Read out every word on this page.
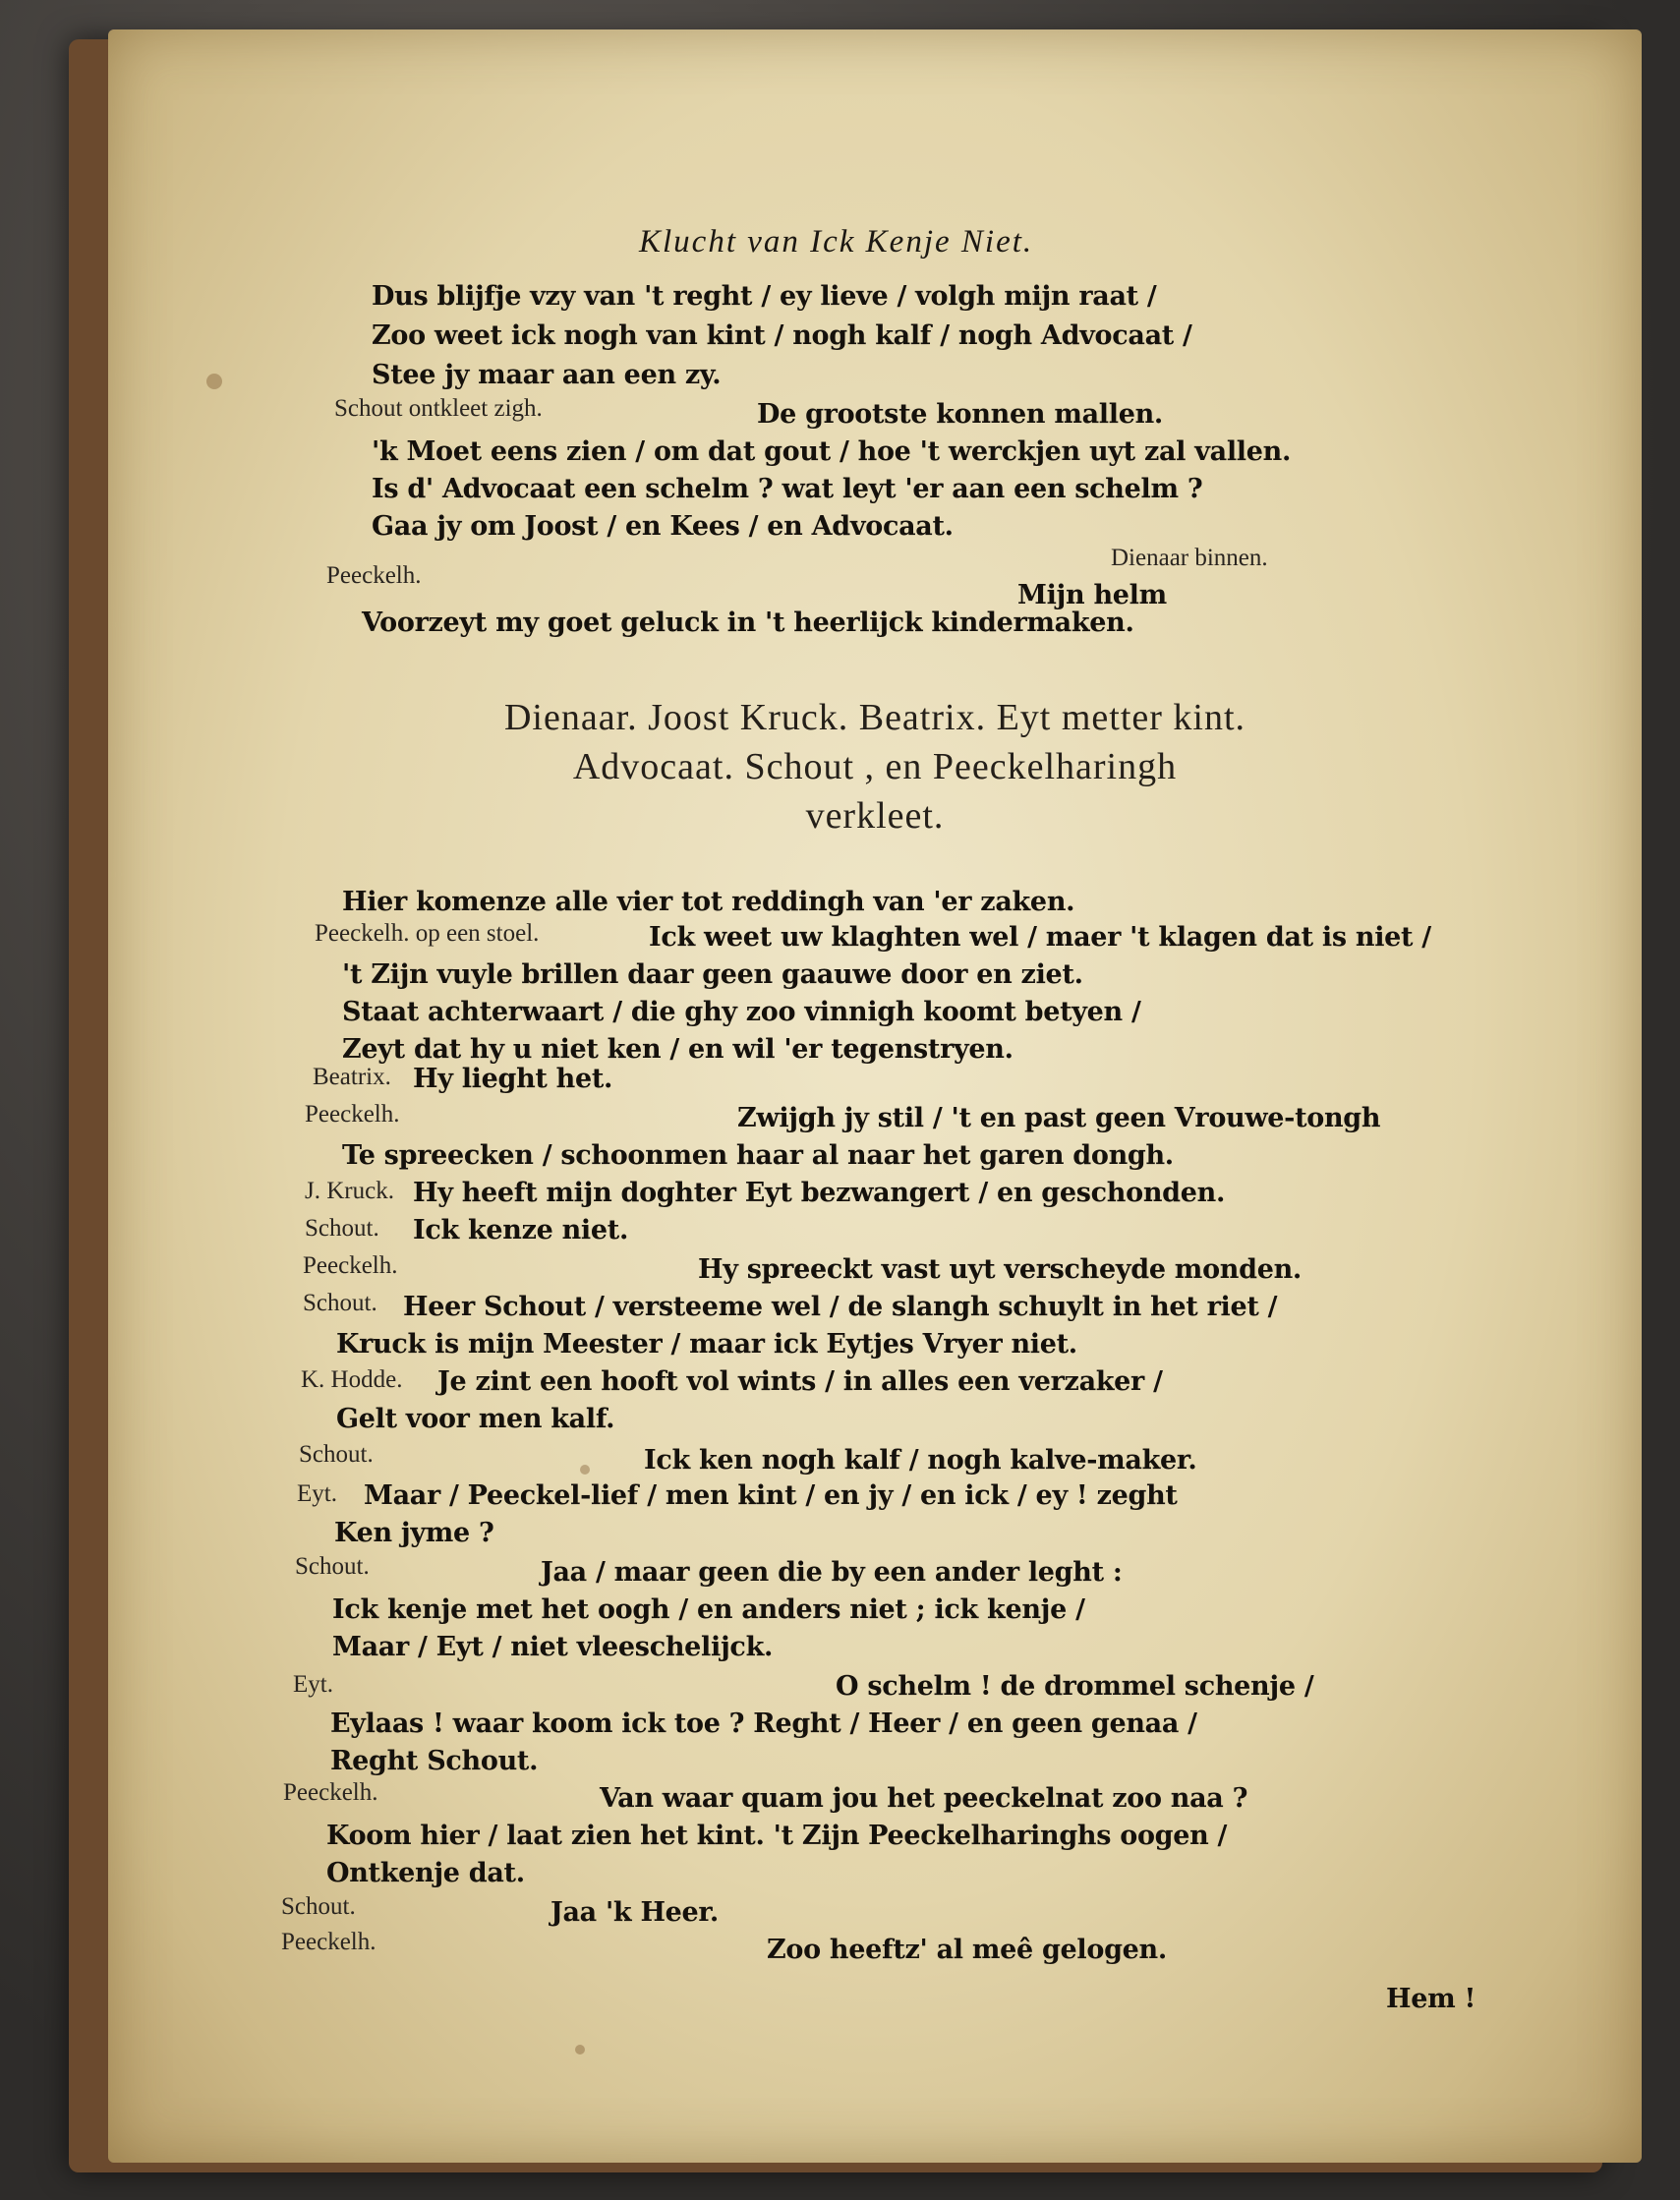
Klucht van Ick Kenje Niet.
Dus blijfje vzy van 't reght / ey lieve / volgh mijn raat /
Zoo weet ick nogh van kint / nogh kalf / nogh Advocaat /
Stee jy maar aan een zy.
Schout ontkleet zigh.	De grootste konnen mallen.
'k Moet eens zien / om dat gout / hoe 't werckjen uyt zal vallen.
Is d' Advocaat een schelm ? wat leyt 'er aan een schelm ?
Gaa jy om Joost / en Kees / en Advocaat.
Dienaar binnen.
Peeckelh.
Mijn helm
Voorzeyt my goet geluck in 't heerlijck kindermaken.
Dienaar. Joost Kruck. Beatrix. Eyt metter kint.
Advocaat. Schout , en Peeckelharingh
verkleet.
Hier komenze alle vier tot reddingh van 'er zaken.
Peeckelh. op een stoel.	Ick weet uw klaghten wel / maer 't klagen dat is niet /
't Zijn vuyle brillen daar geen gaauwe door en ziet.
Staat achterwaart / die ghy zoo vinnigh koomt betyen /
Zeyt dat hy u niet ken / en wil 'er tegenstryen.
Beatrix. Hy lieght het.
Peeckelh.	Zwijgh jy stil / 't en past geen Vrouwe-tongh
Te spreecken / schoonmen haar al naar het garen dongh.
J. Kruck. Hy heeft mijn doghter Eyt bezwangert / en geschonden.
Schout. Ick kenze niet.
Peeckelh.	Hy spreeckt vast uyt verscheyde monden.
Schout. Heer Schout / versteeme wel / de slangh schuylt in het riet /
Kruck is mijn Meester / maar ick Eytjes Vryer niet.
K. Hodde. Je zint een hooft vol wints / in alles een verzaker /
Gelt voor men kalf.
Schout.	Ick ken nogh kalf / nogh kalve-maker.
Eyt. Maar / Peeckel-lief / men kint / en jy / en ick / ey ! zeght
Ken jyme ?
Schout.	Jaa / maar geen die by een ander leght :
Ick kenje met het oogh / en anders niet ; ick kenje /
Maar / Eyt / niet vleeschelijck.
Eyt.	O schelm ! de drommel schenje /
Eylaas ! waar koom ick toe ? Reght / Heer / en geen genaa /
Reght Schout.
Peeckelh.	Van waar quam jou het peeckelnat zoo naa ?
Koom hier / laat zien het kint. 't Zijn Peeckelharinghs oogen /
Ontkenje dat.
Schout.	Jaa 'k Heer.
Peeckelh.	Zoo heeftz' al meê gelogen.
Hem !
